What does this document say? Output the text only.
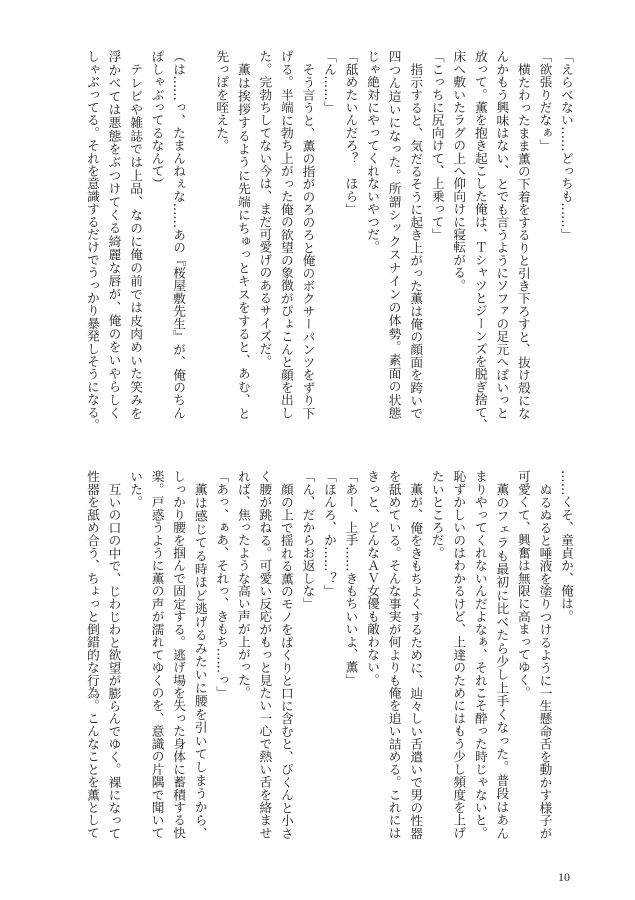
「えらべない……どっちも……」
「欲張りだなぁ」
横たわったまま薫の下着をするりと引き下ろすと、抜け殻にな
んかもう興味はない、とでも言うようにソファの足元へぽいっと
放って。薫を抱き起こした俺は、Ｔシャツとジーンズを脱ぎ捨て、
床へ敷いたラグの上へ仰向けに寝転がる。
「こっちに尻向けて、上乗って」
指示すると、気だるそうに起き上がった薫は俺の顔面を跨いで
四つん這いになった。所謂シックスナインの体勢。素面の状態
じゃ絶対にやってくれないやつだ。
「舐めたいんだろ？　ほら」
「ん……」
そう言うと、薫の指がのろのろと俺のボクサーパンツをずり下
げる。半端に勃ち上がった俺の欲望の象徴がぴょこんと顔を出し
た。完勃ちしてない今は、まだ可愛げのあるサイズだ。
薫は挨拶するように先端にちゅっとキスをすると、あむ、と
先っぽを咥えた。
（は……っ、たまんねぇな……あの『桜屋敷先生』が、俺のちん
ぽしゃぶってるなんて）
テレビや雑誌では上品、なのに俺の前では皮肉めいた笑みを
浮かべては悪態をぶつけてくる綺麗な唇が、俺のをいやらしく
しゃぶってる。それを意識するだけでうっかり暴発しそうになる。
……くそ、童貞か、俺は。
ぬるぬると唾液を塗りつけるように一生懸命舌を動かす様子が
可愛くて、興奮は無限に高まってゆく。
薫のフェラも最初に比べたら少し上手くなった。普段はあん
まりやってくれないんだよなぁ、それこそ酔った時じゃないと。
恥ずかしいのはわかるけど、上達のためにはもう少し頻度を上げ
たいところだ。
薫が、俺をきもちよくするために、辿々しい舌遣いで男の性器
を舐めている。そんな事実が何よりも俺を追い詰める。これには
きっと、どんなＡＶ女優も敵わない。
「あー、上手……きもちいいよ、薫」
「ほんろ、か……？」
「ん、だからお返しな」
顔の上で揺れる薫のモノをぱくりと口に含むと、ぴくんと小さ
く腰が跳ねる。可愛い反応がもっと見たい一心で熱い舌を絡ませ
れば、焦ったような高い声が上がった。
「あっ、ぁあ、それっ、きもち……っ」
薫は感じてる時ほど逃げるみたいに腰を引いてしまうから、
しっかり腰を掴んで固定する。逃げ場を失った身体に蓄積する快
楽。戸惑うように薫の声が濡れてゆくのを、意識の片隅で聞いて
いた。
互いの口の中で、じわじわと欲望が膨らんでゆく。裸になって
性器を舐め合う、ちょっと倒錯的な行為。こんなことを薫として
10
